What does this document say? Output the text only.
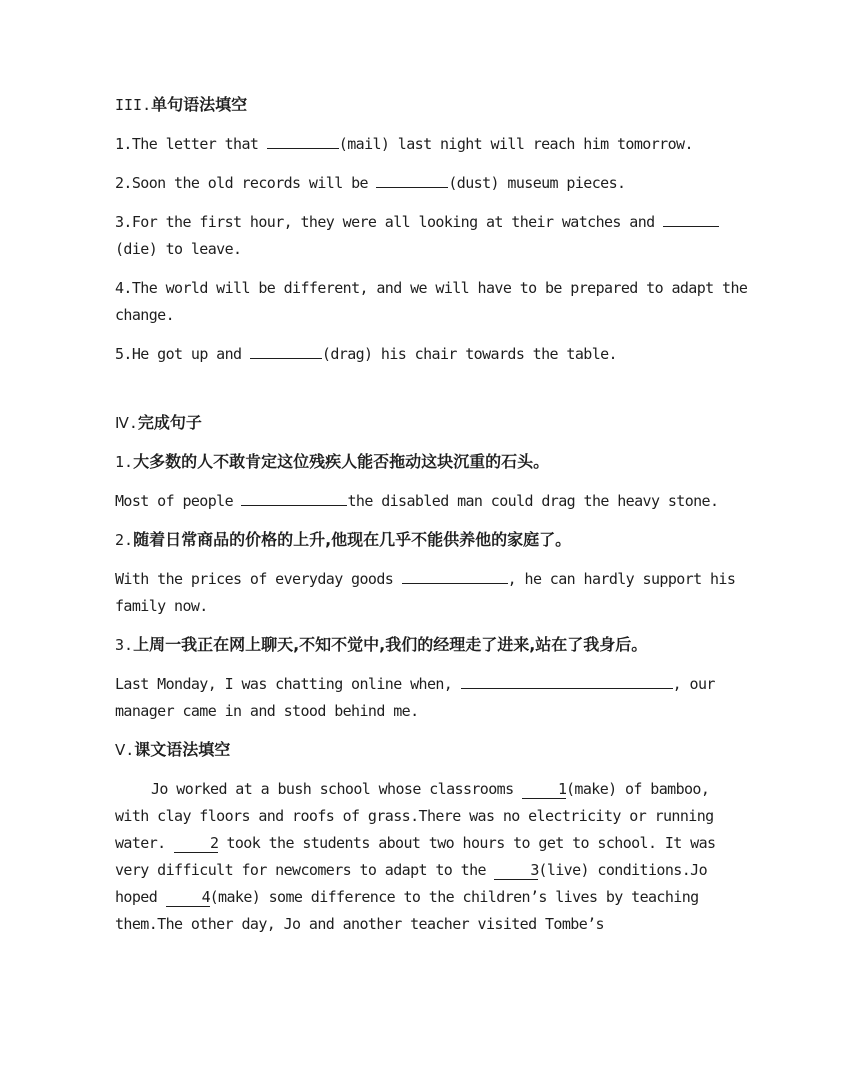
III.单句语法填空

1.The letter that	(mail) last night will reach him tomorrow.

2.Soon the old records will be	(dust) museum pieces.

3.For the first hour, they were all looking at their watches and
(die) to leave.

4.The world will be different, and we will have to be prepared to adapt the change.

5.He got up and	(drag) his chair towards the table.

Ⅳ.完成句子
1.大多数的人不敢肯定这位残疾人能否拖动这块沉重的石头。

Most of people	the disabled man could drag the heavy stone.

2.随着日常商品的价格的上升,他现在几乎不能供养他的家庭了。

With the prices of everyday goods	, he can hardly support his family now.

3.上周一我正在网上聊天,不知不觉中,我们的经理走了进来,站在了我身后。

Last Monday, I was chatting online when,	, our manager came in and stood behind me.

Ⅴ.课文语法填空

Jo worked at a bush school whose classrooms 1(make) of bamboo, with clay floors and roofs of grass.There was no electricity or running water. 2 took the students about two hours to get to school. It was very difficult for newcomers to adapt to the 3(live) conditions.Jo hoped 4(make) some difference to the children’s lives by teaching them.The other day, Jo and another teacher visited Tombe’s
